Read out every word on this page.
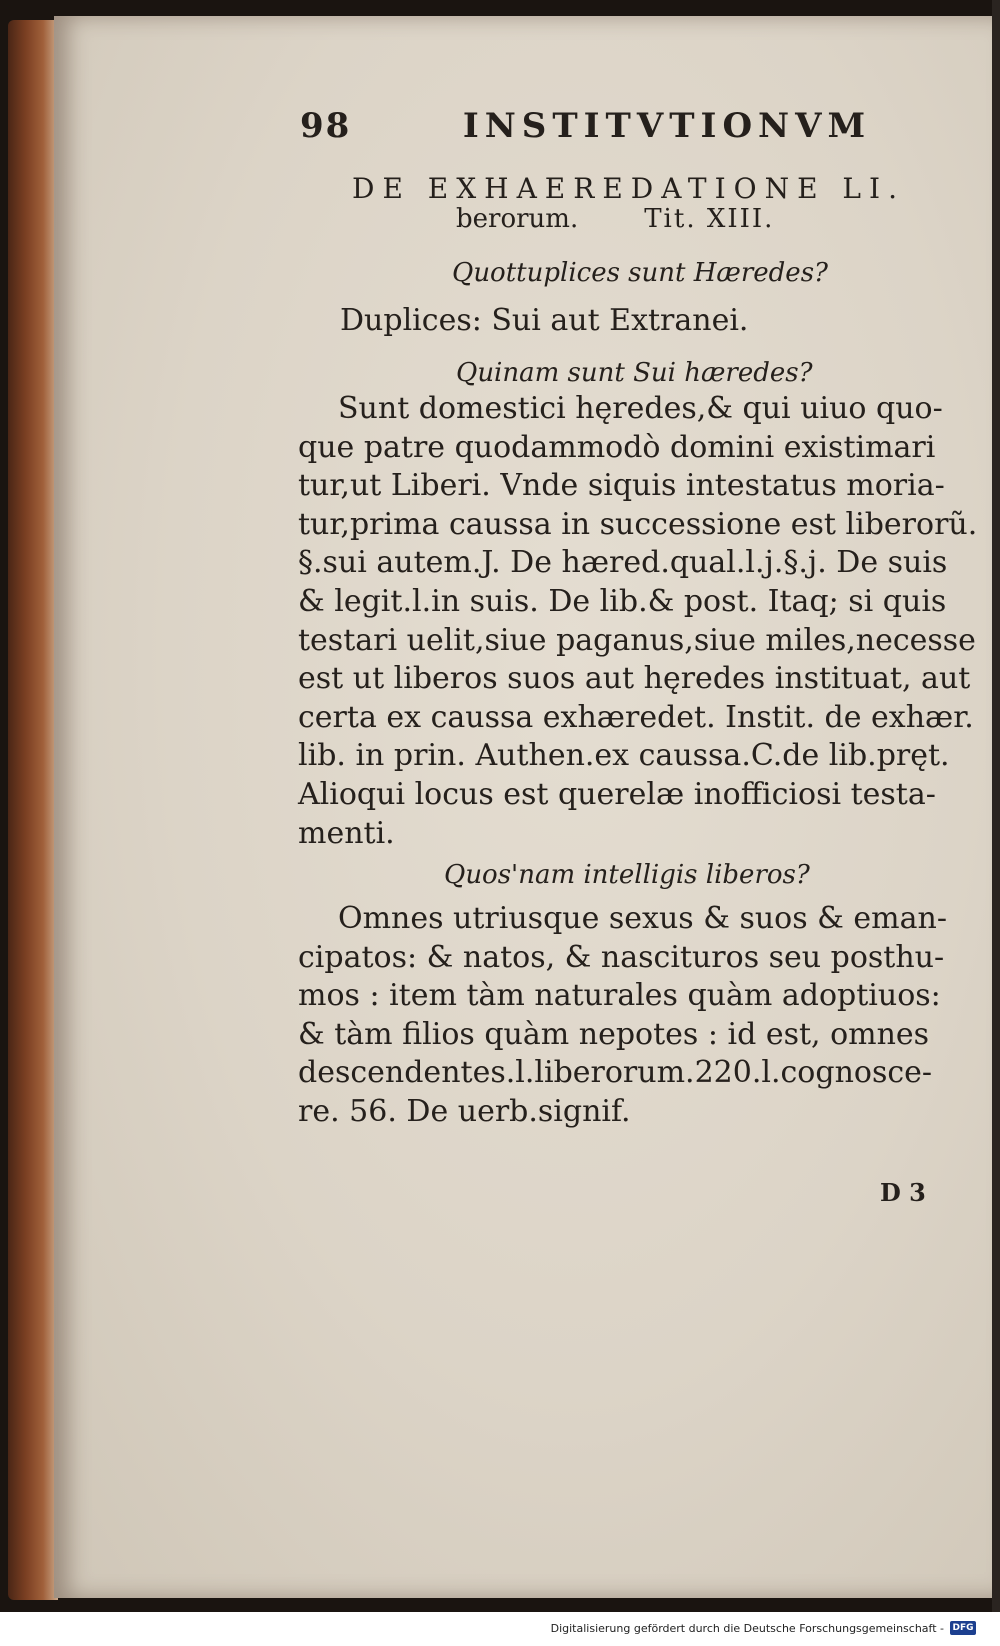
98	INSTITVTIONVM
DE EXHAEREDATIONE LI.
berorum.	Tit. XIII.
Quottuplices sunt Hæredes?
Duplices: Sui aut Extranei.
Quinam sunt Sui hæredes?
Sunt domestici hęredes,& qui uiuo quo-
que patre quodammodò domini existimari
tur,ut Liberi. Vnde siquis intestatus moria-
tur,prima caussa in successione est liberorũ.
§.sui autem.J. De hæred.qual.l.j.§.j. De suis
& legit.l.in suis. De lib.& post. Itaq; si quis
testari uelit,siue paganus,siue miles,necesse
est ut liberos suos aut hęredes instituat, aut
certa ex caussa exhæredet. Instit. de exhær.
lib. in prin. Authen.ex caussa.C.de lib.pręt.
Alioqui locus est querelæ inofficiosi testa-
menti.
Quos'nam intelligis liberos?
Omnes utriusque sexus & suos & eman-
cipatos: & natos, & nascituros seu posthu-
mos : item tàm naturales quàm adoptiuos:
& tàm filios quàm nepotes : id est, omnes
descendentes.l.liberorum.220.l.cognosce-
re. 56. De uerb.signif.
D 3
Digitalisierung gefördert durch die Deutsche Forschungsgemeinschaft - DFG
